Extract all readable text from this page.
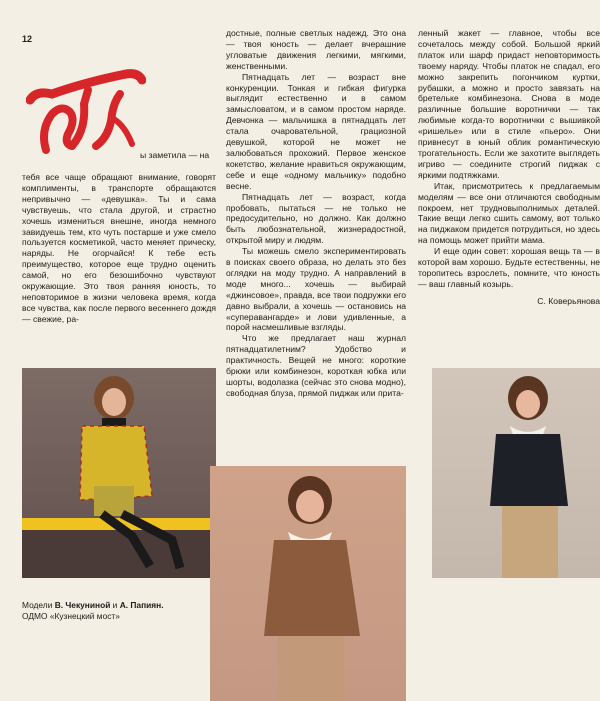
12

ы заметила — на

тебя все чаще обращают внимание, говорят комплименты, в транспорте обращаются непривычно — «девушка». Ты и сама чувствуешь, что стала другой, и страстно хочешь измениться внешне, иногда немного завидуешь тем, кто чуть постарше и уже смело пользуется косметикой, часто меняет прическу, наряды. Не огорчайся! К тебе есть преимущество, которое еще трудно оценить самой, но его безошибочно чувствуют окружающие. Это твоя ранняя юность, то неповторимое в жизни человека время, когда все чувства, как после первого весеннего дождя — свежие, ра-

достные, полные светлых надежд. Это она — твоя юность — делает вчерашние угловатые движения легкими, мягкими, женственными.

Пятнадцать лет — возраст вне конкуренции. Тонкая и гибкая фигурка выглядит естественно и в самом замысловатом, и в самом простом наряде. Девчонка — мальчишка в пятнадцать лет стала очаровательной, грациозной девушкой, которой не может не залюбоваться прохожий. Первое женское кокетство, желание нравиться окружающим, себе и еще «одному мальчику» подобно весне.

Пятнадцать лет — возраст, когда пробовать, пытаться — не только не предосудительно, но должно. Как должно быть любознательной, жизнерадостной, открытой миру и людям.

Ты можешь смело экспериментировать в поисках своего образа, но делать это без оглядки на моду трудно. А направлений в моде много... хочешь — выбирай «джинсовое», правда, все твои подружки его давно выбрали, а хочешь — остановись на «суперавангарде» и лови удивленные, а порой насмешливые взгляды.

Что же предлагает наш журнал пятнадцатилетним? Удобство и практичность. Вещей не много: короткие брюки или комбинезон, короткая юбка или шорты, водолазка (сейчас это снова модно), свободная блуза, прямой пиджак или прита-

ленный жакет — главное, чтобы все сочеталось между собой. Большой яркий платок или шарф придаст неповторимость твоему наряду. Чтобы платок не спадал, его можно закрепить погончиком куртки, рубашки, а можно и просто завязать на бретельке комбинезона. Снова в моде различные большие воротнички — так любимые когда-то воротнички с вышивкой «ришелье» или в стиле «пьеро». Они привнесут в юный облик романтическую трогательность. Если же захотите выглядеть игриво — соедините строгий пиджак с яркими подтяжками.

Итак, присмотритесь к предлагаемым моделям — все они отличаются свободным покроем, нет трудновыполнимых деталей. Такие вещи легко сшить самому, вот только на пиджаком придется потрудиться, но здесь на помощь может прийти мама.

И еще один совет: хорошая вещь та — в которой вам хорошо. Будьте естественны, не торопитесь взрослеть, помните, что юность — ваш главный козырь.

С. Коверьянова

Модели В. Чекуниной и А. Папиян.
ОДМО «Кузнецкий мост»
